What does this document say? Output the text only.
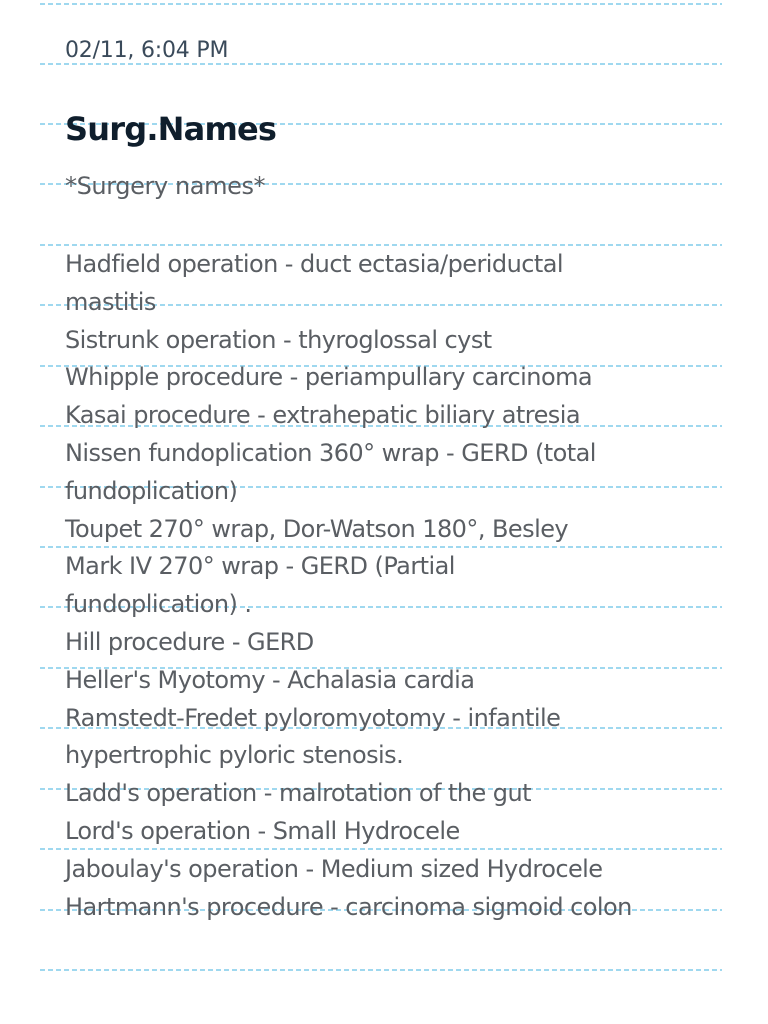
02/11, 6:04 PM
Surg.Names
*Surgery names*
Hadfield operation - duct ectasia/periductal
mastitis
Sistrunk operation - thyroglossal cyst
Whipple procedure - periampullary carcinoma
Kasai procedure - extrahepatic biliary atresia
Nissen fundoplication 360° wrap - GERD (total
fundoplication)
Toupet 270° wrap, Dor-Watson 180°, Besley
Mark IV 270° wrap - GERD (Partial
fundoplication) .
Hill procedure - GERD
Heller's Myotomy - Achalasia cardia
Ramstedt-Fredet pyloromyotomy - infantile
hypertrophic pyloric stenosis.
Ladd's operation - malrotation of the gut
Lord's operation - Small Hydrocele
Jaboulay's operation - Medium sized Hydrocele
Hartmann's procedure - carcinoma sigmoid colon
